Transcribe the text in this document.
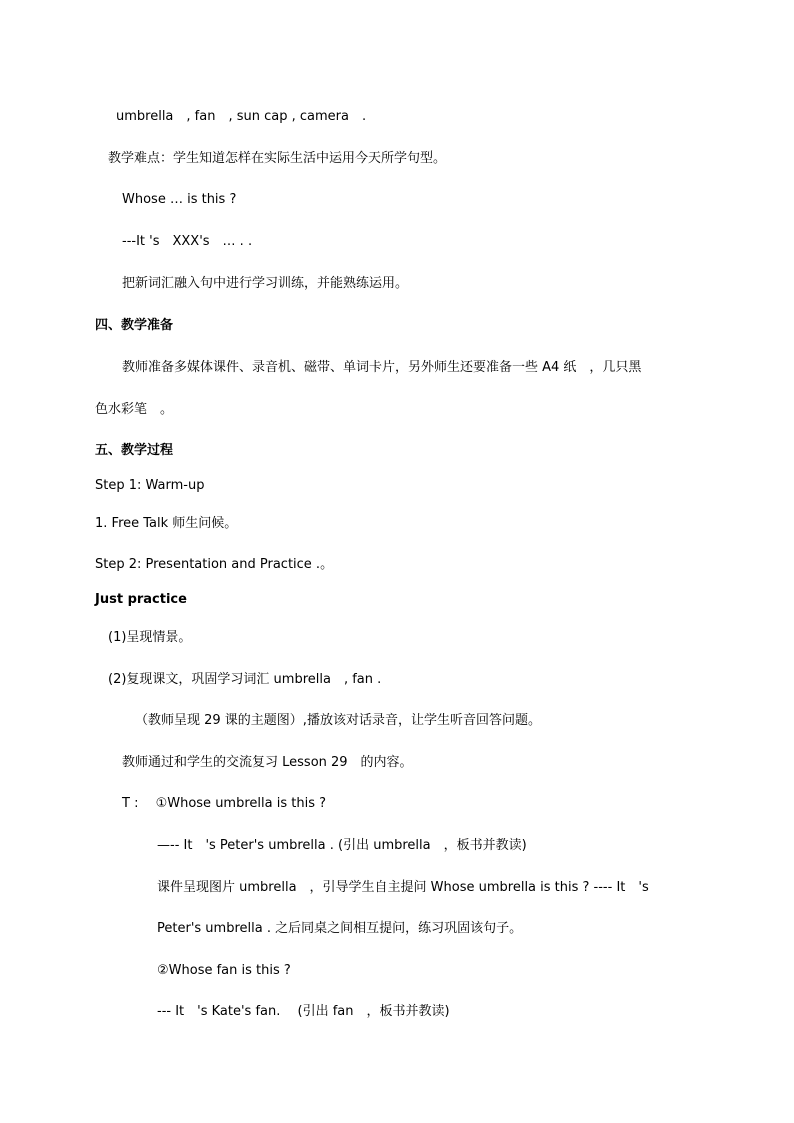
umbrella　, fan　, sun cap , camera　.
教学难点：学生知道怎样在实际生活中运用今天所学句型。
Whose … is this ?
---It 's　XXX's　… . .
把新词汇融入句中进行学习训练，并能熟练运用。
四、教学准备
教师准备多媒体课件、录音机、磁带、单词卡片，另外师生还要准备一些 A4 纸　，几只黑
色水彩笔　。
五、教学过程
Step 1: Warm-up
1. Free Talk 师生问候。
Step 2: Presentation and Practice .。
Just practice
(1)呈现情景。
(2)复现课文，巩固学习词汇 umbrella　, fan .
（教师呈现 29 课的主题图）,播放该对话录音，让学生听音回答问题。
教师通过和学生的交流复习 Lesson 29　的内容。
T :　 ①Whose umbrella is this ?
—-- It　's Peter's umbrella . (引出 umbrella　，板书并教读)
课件呈现图片 umbrella　，引导学生自主提问 Whose umbrella is this ? ---- It　's
Peter's umbrella . 之后同桌之间相互提问，练习巩固该句子。
②Whose fan is this ?
--- It　's Kate's fan.　 (引出 fan　，板书并教读)
